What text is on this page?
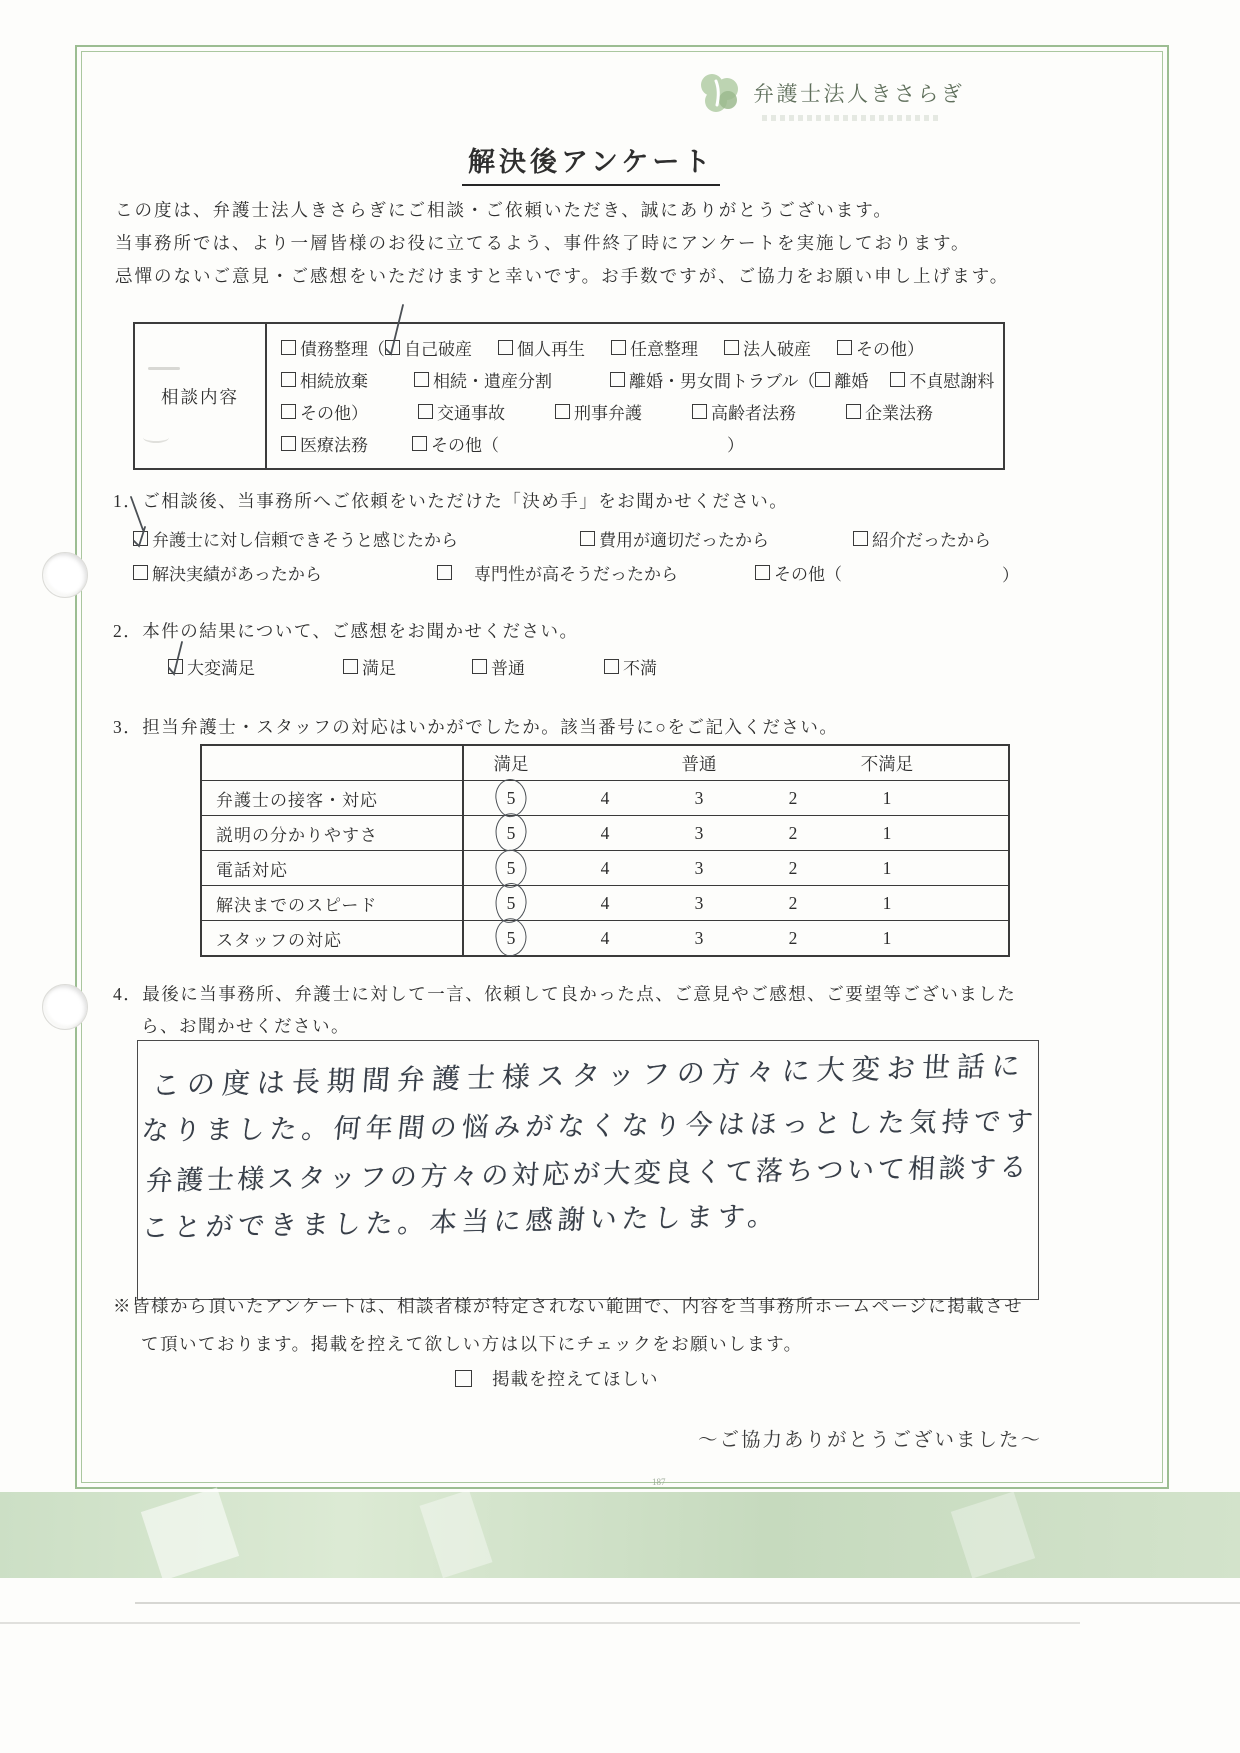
弁護士法人きさらぎ
解決後アンケート
この度は、弁護士法人きさらぎにご相談・ご依頼いただき、誠にありがとうございます。
当事務所では、より一層皆様のお役に立てるよう、事件終了時にアンケートを実施しております。
忌憚のないご意見・ご感想をいただけますと幸いです。お手数ですが、ご協力をお願い申し上げます。
相談内容
債務整理（ 自己破産	個人再生	任意整理	法人破産	その他）
相続放棄	相続・遺産分割	離婚・男女間トラブル（ 離婚 不貞慰謝料
その他）	交通事故	刑事弁護	高齢者法務	企業法務
医療法務	その他（	）
1．ご相談後、当事務所へご依頼をいただけた「決め手」をお聞かせください。
弁護士に対し信頼できそうと感じたから	費用が適切だったから	紹介だったから
解決実績があったから	専門性が高そうだったから	その他（	）
2．本件の結果について、ご感想をお聞かせください。
大変満足	満足	普通	不満
3．担当弁護士・スタッフの対応はいかがでしたか。該当番号に○をご記入ください。
満足	普通	不満足
弁護士の接客・対応	5	4	3	2	1
説明の分かりやすさ	5	4	3	2	1
電話対応	5	4	3	2	1
解決までのスピード	5	4	3	2	1
スタッフの対応	5	4	3	2	1
4．最後に当事務所、弁護士に対して一言、依頼して良かった点、ご意見やご感想、ご要望等ございました
ら、お聞かせください。
この度は長期間弁護士様スタッフの方々に大変お世話に
なりました。何年間の悩みがなくなり今はほっとした気持です
弁護士様スタッフの方々の対応が大変良くて落ちついて相談する
ことができました。本当に感謝いたします。
※皆様から頂いたアンケートは、相談者様が特定されない範囲で、内容を当事務所ホームページに掲載させ
て頂いております。掲載を控えて欲しい方は以下にチェックをお願いします。
掲載を控えてほしい
～ご協力ありがとうございました～
187
